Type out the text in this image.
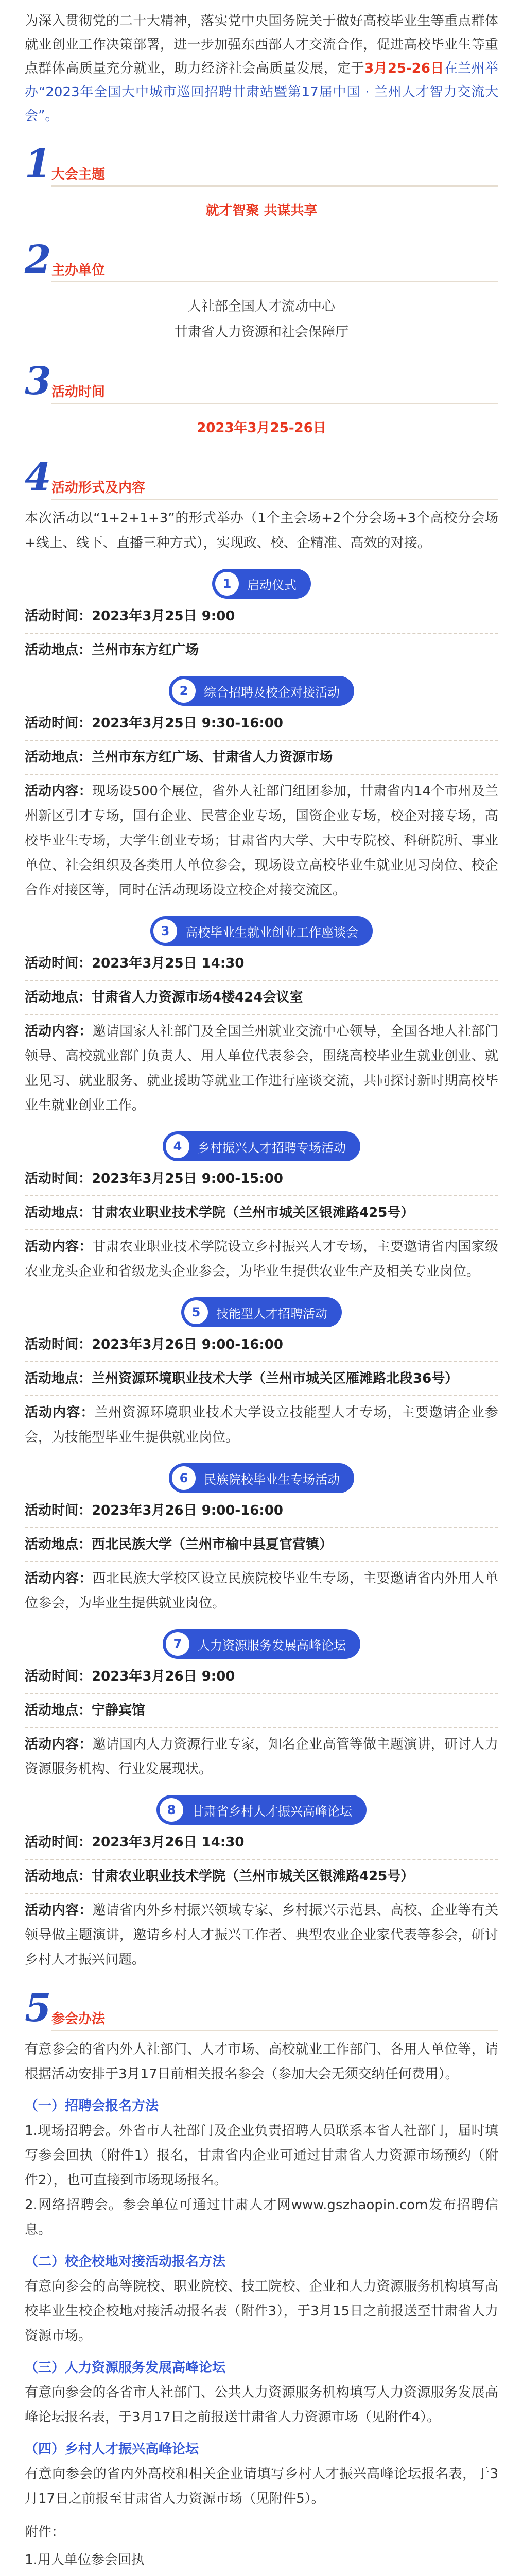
为深入贯彻党的二十大精神，落实党中央国务院关于做好高校毕业生等重点群体就业创业工作决策部署，进一步加强东西部人才交流合作，促进高校毕业生等重点群体高质量充分就业，助力经济社会高质量发展，定于3月25-26日在兰州举办“2023年全国大中城市巡回招聘甘肃站暨第17届中国 · 兰州人才智力交流大会”。

1 大会主题
就才智聚 共谋共享
2 主办单位
人社部全国人才流动中心
甘肃省人力资源和社会保障厅
3 活动时间
2023年3月25-26日
4 活动形式及内容

本次活动以“1+2+1+3”的形式举办（1个主会场+2个分会场+3个高校分会场+线上、线下、直播三种方式），实现政、校、企精准、高效的对接。

1	启动仪式
活动时间：2023年3月25日 9:00
活动地点：兰州市东方红广场
2	综合招聘及校企对接活动
活动时间：2023年3月25日 9:30-16:00
活动地点：兰州市东方红广场、甘肃省人力资源市场
活动内容：现场设500个展位，省外人社部门组团参加，甘肃省内14个市州及兰州新区引才专场，国有企业、民营企业专场，国资企业专场，校企对接专场，高校毕业生专场，大学生创业专场；甘肃省内大学、大中专院校、科研院所、事业单位、社会组织及各类用人单位参会，现场设立高校毕业生就业见习岗位、校企合作对接区等，同时在活动现场设立校企对接交流区。
3	高校毕业生就业创业工作座谈会
活动时间：2023年3月25日 14:30
活动地点：甘肃省人力资源市场4楼424会议室
活动内容：邀请国家人社部门及全国兰州就业交流中心领导，全国各地人社部门领导、高校就业部门负责人、用人单位代表参会，围绕高校毕业生就业创业、就业见习、就业服务、就业援助等就业工作进行座谈交流，共同探讨新时期高校毕业生就业创业工作。
4	乡村振兴人才招聘专场活动
活动时间：2023年3月25日 9:00-15:00
活动地点：甘肃农业职业技术学院（兰州市城关区银滩路425号）
活动内容：甘肃农业职业技术学院设立乡村振兴人才专场，主要邀请省内国家级农业龙头企业和省级龙头企业参会，为毕业生提供农业生产及相关专业岗位。
5	技能型人才招聘活动
活动时间：2023年3月26日 9:00-16:00
活动地点：兰州资源环境职业技术大学（兰州市城关区雁滩路北段36号）
活动内容：兰州资源环境职业技术大学设立技能型人才专场，主要邀请企业参会，为技能型毕业生提供就业岗位。
6	民族院校毕业生专场活动
活动时间：2023年3月26日 9:00-16:00
活动地点：西北民族大学（兰州市榆中县夏官营镇）
活动内容：西北民族大学校区设立民族院校毕业生专场，主要邀请省内外用人单位参会，为毕业生提供就业岗位。
7	人力资源服务发展高峰论坛
活动时间：2023年3月26日 9:00
活动地点：宁静宾馆
活动内容：邀请国内人力资源行业专家，知名企业高管等做主题演讲，研讨人力资源服务机构、行业发展现状。
8	甘肃省乡村人才振兴高峰论坛
活动时间：2023年3月26日 14:30
活动地点：甘肃农业职业技术学院（兰州市城关区银滩路425号）
活动内容：邀请省内外乡村振兴领域专家、乡村振兴示范县、高校、企业等有关领导做主题演讲，邀请乡村人才振兴工作者、典型农业企业家代表等参会，研讨乡村人才振兴问题。
5 参会办法

有意参会的省内外人社部门、人才市场、高校就业工作部门、各用人单位等，请根据活动安排于3月17日前相关报名参会（参加大会无须交纳任何费用）。

（一）招聘会报名方法

1.现场招聘会。外省市人社部门及企业负责招聘人员联系本省人社部门，届时填写参会回执（附件1）报名，甘肃省内企业可通过甘肃省人力资源市场预约（附件2），也可直接到市场现场报名。

2.网络招聘会。参会单位可通过甘肃人才网www.gszhaopin.com发布招聘信息。

（二）校企校地对接活动报名方法

有意向参会的高等院校、职业院校、技工院校、企业和人力资源服务机构填写高校毕业生校企校地对接活动报名表（附件3），于3月15日之前报送至甘肃省人力资源市场。

（三）人力资源服务发展高峰论坛

有意向参会的各省市人社部门、公共人力资源服务机构填写人力资源服务发展高峰论坛报名表，于3月17日之前报送甘肃省人力资源市场（见附件4）。

（四）乡村人才振兴高峰论坛

有意向参会的省内外高校和相关企业请填写乡村人才振兴高峰论坛报名表，于3月17日之前报至甘肃省人力资源市场（见附件5）。

附件：
1.用人单位参会回执
